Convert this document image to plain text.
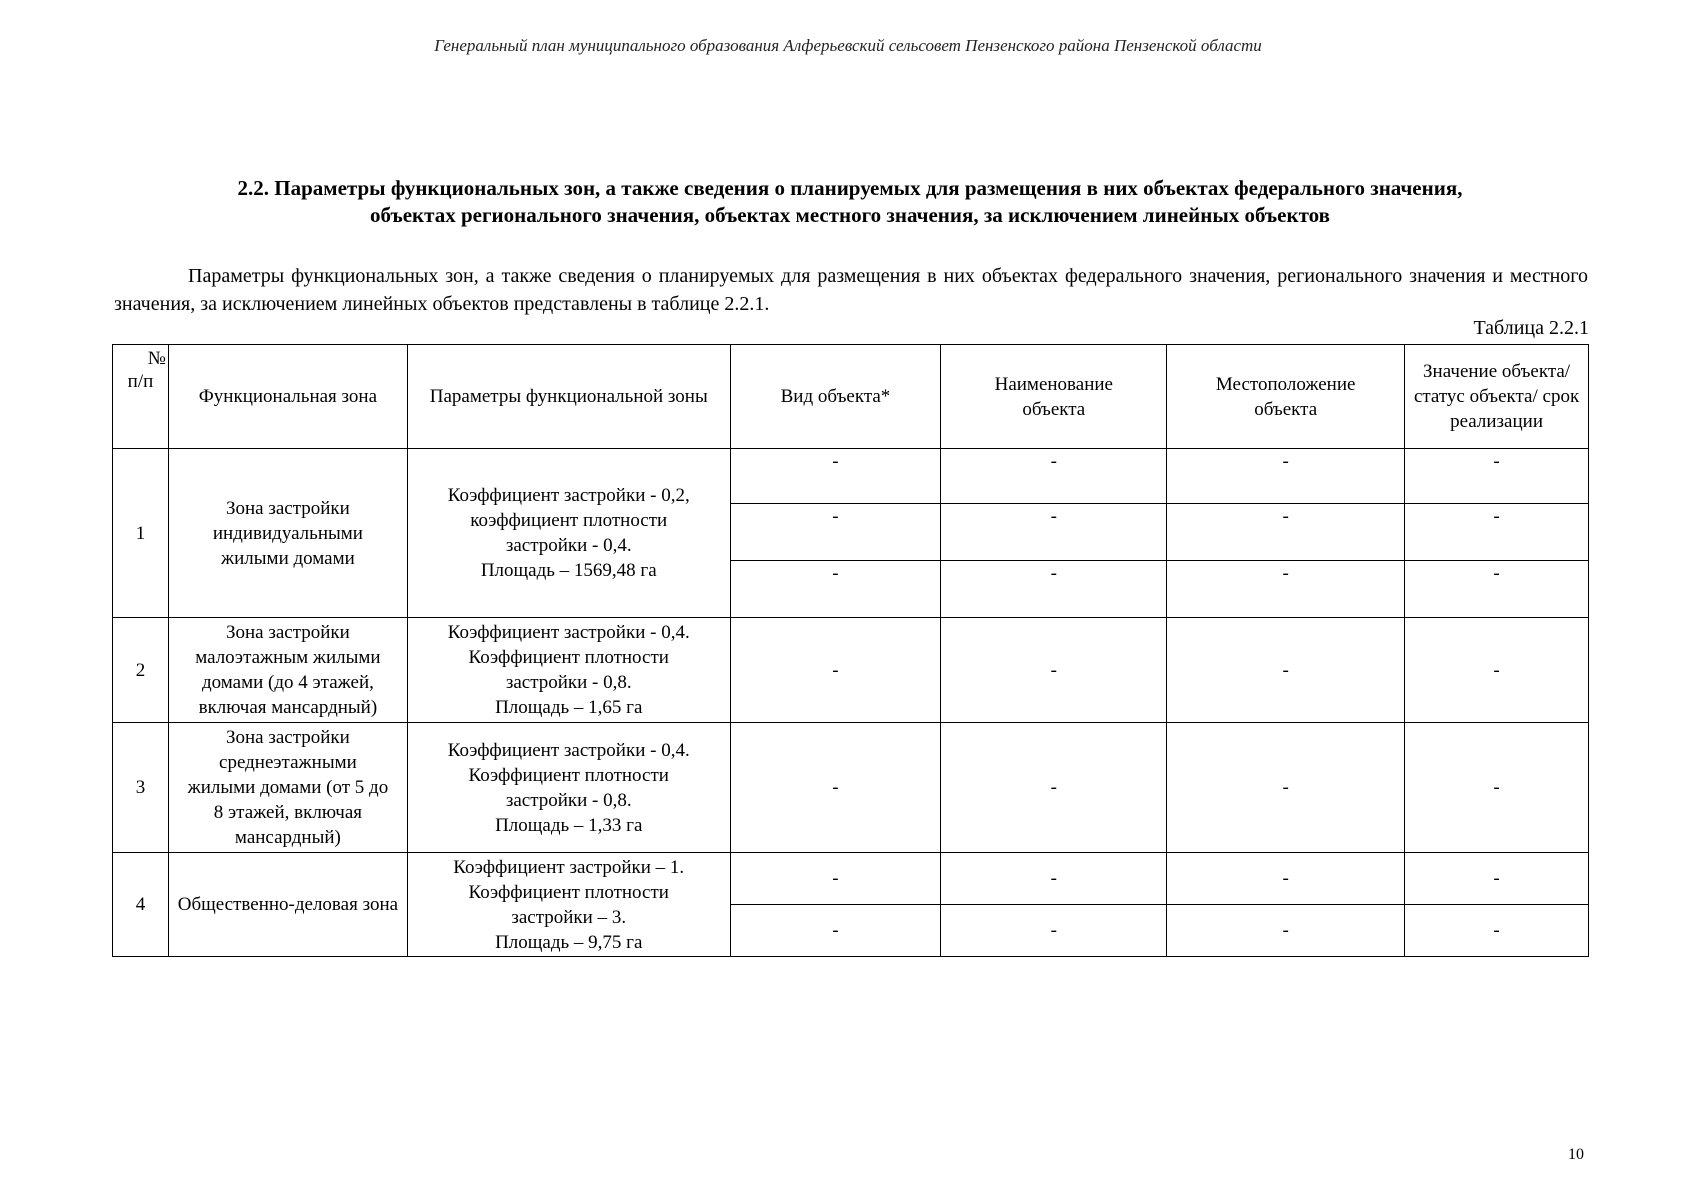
Генеральный план муниципального образования Алферьевский сельсовет Пензенского района Пензенской области
2.2. Параметры функциональных зон, а также сведения о планируемых для размещения в них объектах федерального значения,
объектах регионального значения, объектах местного значения, за исключением линейных объектов
Параметры функциональных зон, а также сведения о планируемых для размещения в них объектах федерального значения, регионального значения и местного значения, за исключением линейных объектов представлены в таблице 2.2.1.
Таблица 2.2.1
№
п/п	Функциональная зона	Параметры функциональной зоны	Вид объекта*	Наименование объекта	Местоположение объекта	Значение объекта/ статус объекта/ срок реализации
1	Зона застройки индивидуальными жилыми домами	Коэффициент застройки - 0,2,
коэффициент плотности
застройки - 0,4.
Площадь – 1569,48 га	-	-	-	-
			-	-	-	-
			-	-	-	-
2	Зона застройки малоэтажным жилыми домами (до 4 этажей, включая мансардный)	Коэффициент застройки - 0,4.
Коэффициент плотности
застройки - 0,8.
Площадь – 1,65 га	-	-	-	-
3	Зона застройки среднеэтажными жилыми домами (от 5 до 8 этажей, включая мансардный)	Коэффициент застройки - 0,4.
Коэффициент плотности
застройки - 0,8.
Площадь – 1,33 га	-	-	-	-
4	Общественно-деловая зона	Коэффициент застройки – 1.
Коэффициент плотности
застройки – 3.
Площадь – 9,75 га	-	-	-	-
			-	-	-	-
10
